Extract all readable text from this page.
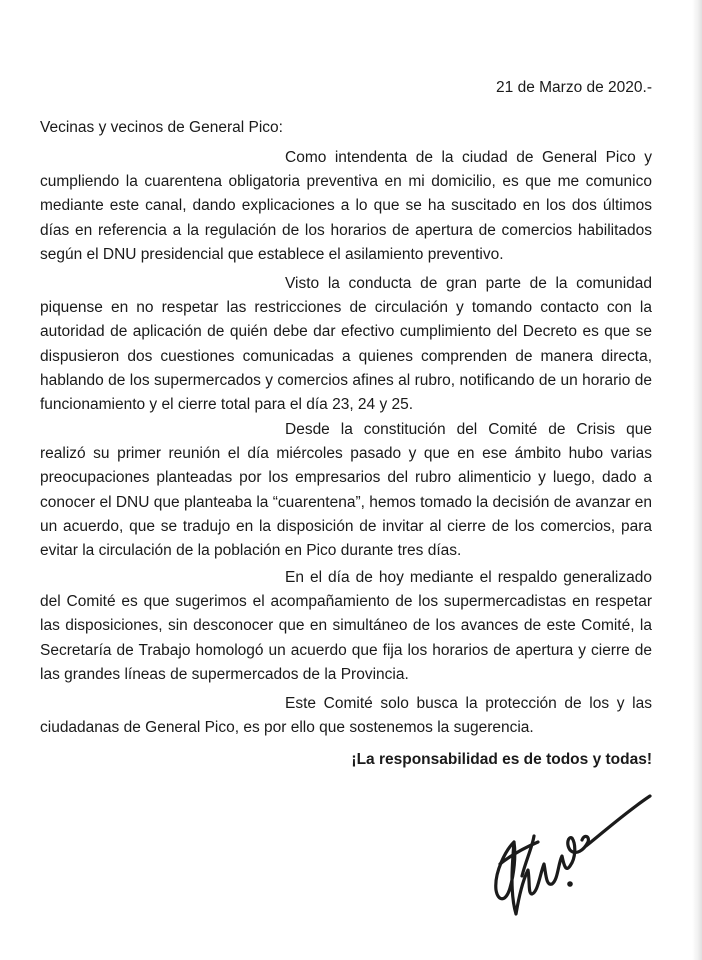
21 de Marzo de 2020.-
Vecinas y vecinos de General Pico:

Como intendenta de la ciudad de General Pico y cumpliendo la cuarentena obligatoria preventiva en mi domicilio, es que me comunico mediante este canal, dando explicaciones a lo que se ha suscitado en los dos últimos días en referencia a la regulación de los horarios de apertura de comercios habilitados según el DNU presidencial que establece el asilamiento preventivo.

Visto la conducta de gran parte de la comunidad piquense en no respetar las restricciones de circulación y tomando contacto con la autoridad de aplicación de quién debe dar efectivo cumplimiento del Decreto es que se dispusieron dos cuestiones comunicadas a quienes comprenden de manera directa, hablando de los supermercados y comercios afines al rubro, notificando de un horario de funcionamiento y el cierre total para el día 23, 24 y 25.

Desde la constitución del Comité de Crisis que realizó su primer reunión el día miércoles pasado y que en ese ámbito hubo varias preocupaciones planteadas por los empresarios del rubro alimenticio y luego, dado a conocer el DNU que planteaba la “cuarentena”, hemos tomado la decisión de avanzar en un acuerdo, que se tradujo en la disposición de invitar al cierre de los comercios, para evitar la circulación de la población en Pico durante tres días.

En el día de hoy mediante el respaldo generalizado del Comité es que sugerimos el acompañamiento de los supermercadistas en respetar las disposiciones, sin desconocer que en simultáneo de los avances de este Comité, la Secretaría de Trabajo homologó un acuerdo que fija los horarios de apertura y cierre de las grandes líneas de supermercados de la Provincia.

Este Comité solo busca la protección de los y las ciudadanas de General Pico, es por ello que sostenemos la sugerencia.

¡La responsabilidad es de todos y todas!
